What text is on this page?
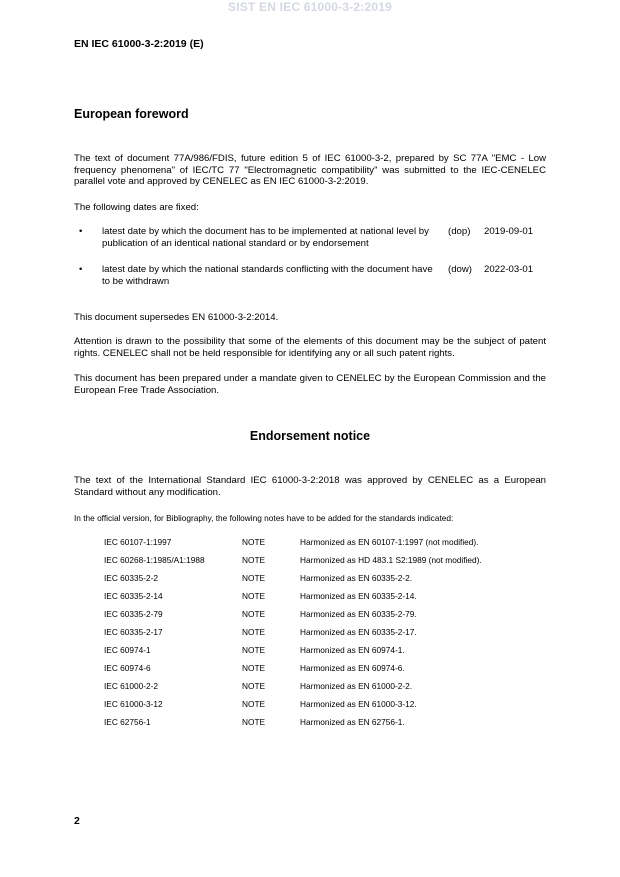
SIST EN IEC 61000-3-2:2019
EN IEC 61000-3-2:2019 (E)
European foreword
The text of document 77A/986/FDIS, future edition 5 of IEC 61000-3-2, prepared by SC 77A "EMC - Low frequency phenomena" of IEC/TC 77 "Electromagnetic compatibility" was submitted to the IEC-CENELEC parallel vote and approved by CENELEC as EN IEC 61000-3-2:2019.
The following dates are fixed:
• latest date by which the document has to be implemented at national level by publication of an identical national standard or by endorsement
(dop) 2019-09-01
• latest date by which the national standards conflicting with the document have to be withdrawn
(dow) 2022-03-01
This document supersedes EN 61000-3-2:2014.
Attention is drawn to the possibility that some of the elements of this document may be the subject of patent rights. CENELEC shall not be held responsible for identifying any or all such patent rights.
This document has been prepared under a mandate given to CENELEC by the European Commission and the European Free Trade Association.
Endorsement notice
The text of the International Standard IEC 61000-3-2:2018 was approved by CENELEC as a European Standard without any modification.
In the official version, for Bibliography, the following notes have to be added for the standards indicated:
IEC 60107-1:1997	NOTE	Harmonized as EN 60107-1:1997 (not modified).
IEC 60268-1:1985/A1:1988	NOTE	Harmonized as HD 483.1 S2:1989 (not modified).
IEC 60335-2-2	NOTE	Harmonized as EN 60335-2-2.
IEC 60335-2-14	NOTE	Harmonized as EN 60335-2-14.
IEC 60335-2-79	NOTE	Harmonized as EN 60335-2-79.
IEC 60335-2-17	NOTE	Harmonized as EN 60335-2-17.
IEC 60974-1	NOTE	Harmonized as EN 60974-1.
IEC 60974-6	NOTE	Harmonized as EN 60974-6.
IEC 61000-2-2	NOTE	Harmonized as EN 61000-2-2.
IEC 61000-3-12	NOTE	Harmonized as EN 61000-3-12.
IEC 62756-1	NOTE	Harmonized as EN 62756-1.
2
